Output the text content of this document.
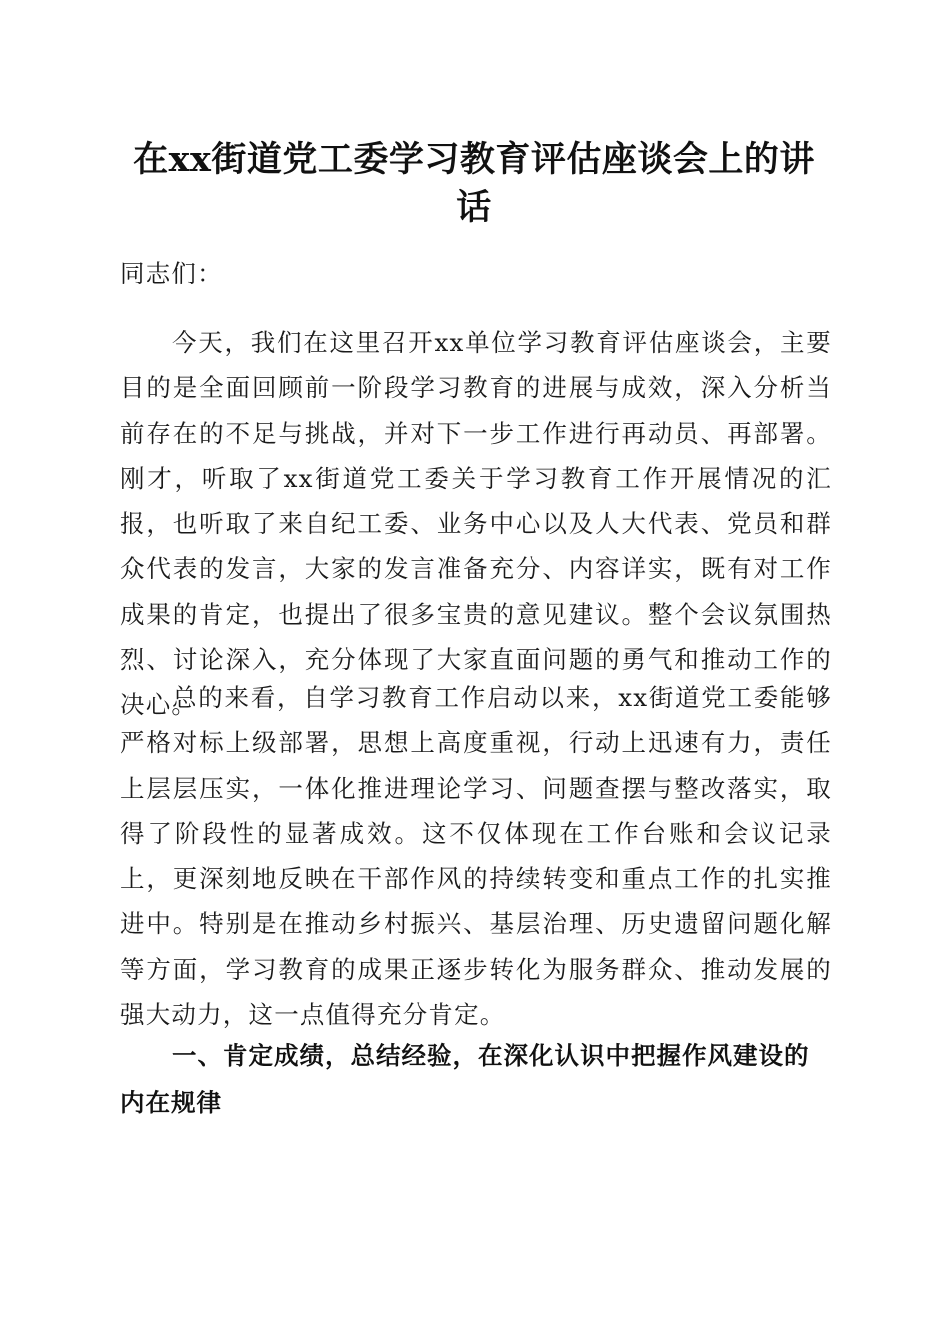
在xx街道党工委学习教育评估座谈会上的讲话
同志们：

今天，我们在这里召开xx单位学习教育评估座谈会，主要目的是全面回顾前一阶段学习教育的进展与成效，深入分析当前存在的不足与挑战，并对下一步工作进行再动员、再部署。刚才，听取了xx街道党工委关于学习教育工作开展情况的汇报，也听取了来自纪工委、业务中心以及人大代表、党员和群众代表的发言，大家的发言准备充分、内容详实，既有对工作成果的肯定，也提出了很多宝贵的意见建议。整个会议氛围热烈、讨论深入，充分体现了大家直面问题的勇气和推动工作的决心。

总的来看，自学习教育工作启动以来，xx街道党工委能够严格对标上级部署，思想上高度重视，行动上迅速有力，责任上层层压实，一体化推进理论学习、问题查摆与整改落实，取得了阶段性的显著成效。这不仅体现在工作台账和会议记录上，更深刻地反映在干部作风的持续转变和重点工作的扎实推进中。特别是在推动乡村振兴、基层治理、历史遗留问题化解等方面，学习教育的成果正逐步转化为服务群众、推动发展的强大动力，这一点值得充分肯定。

一、肯定成绩，总结经验，在深化认识中把握作风建设的内在规律
